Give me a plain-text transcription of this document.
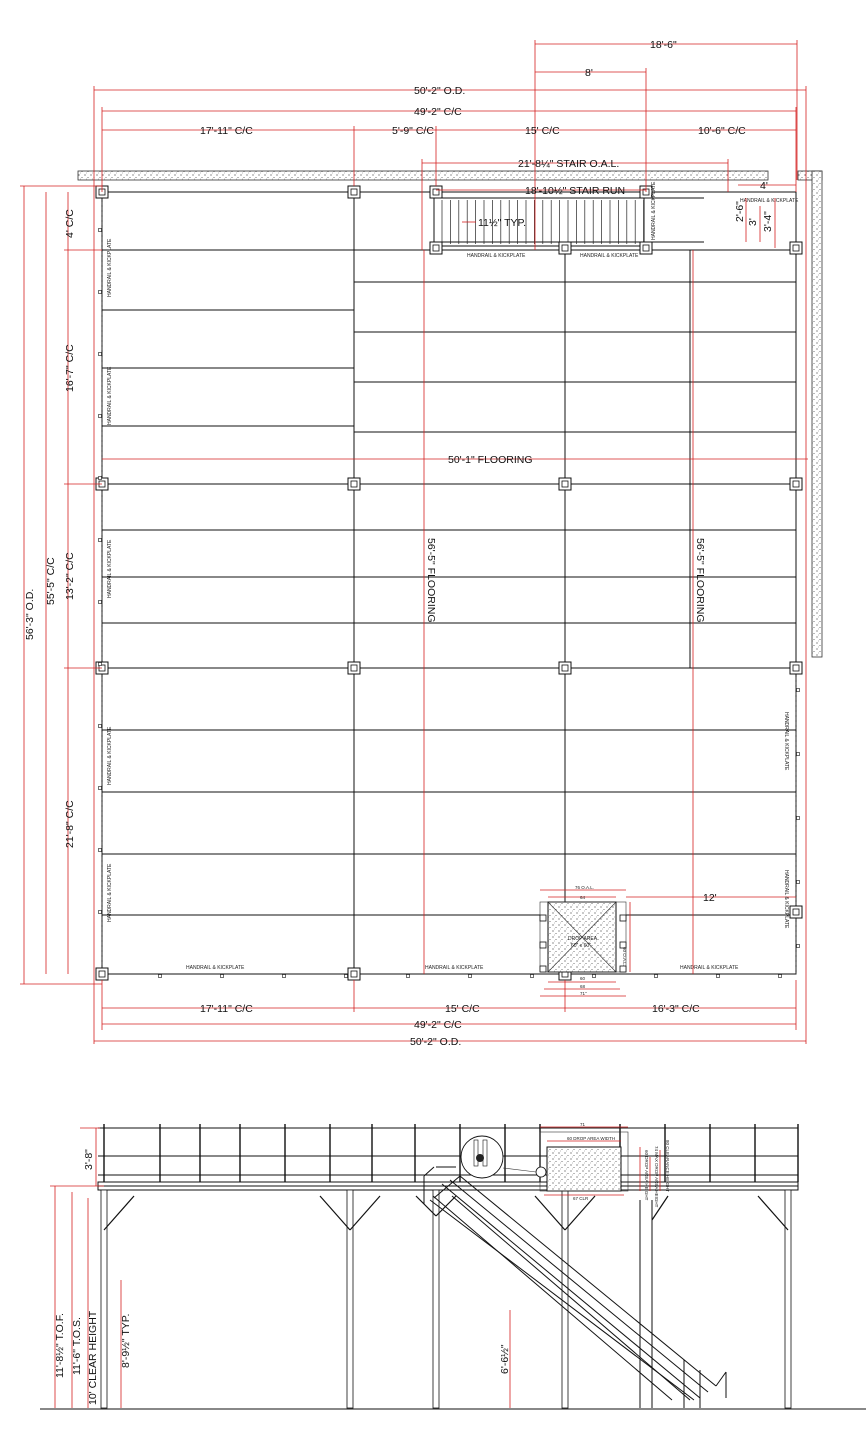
DROP AREA
60" x 60"
76 O.A.L.
64
60 O.A.L.
60
68
71"
12'
HANDRAIL & KICKPLATE
HANDRAIL & KICKPLATE
HANDRAIL & KICKPLATE
HANDRAIL & KICKPLATE
HANDRAIL & KICKPLATE
HANDRAIL & KICKPLATE
HANDRAIL & KICKPLATE
HANDRAIL & KICKPLATE
HANDRAIL & KICKPLATE	HANDRAIL & KICKPLATE	HANDRAIL & KICKPLATE
HANDRAIL & KICKPLATE	HANDRAIL & KICKPLATE
HANDRAIL & KICKPLATE
18'-6"
8'
50'-2" O.D.
49'-2" C/C
17'-11" C/C	5'-9" C/C	15' C/C	10'-6" C/C
21'-8¼" STAIR O.A.L.
18'-10½" STAIR RUN
11½" TYP.
4'
2'-6"
3' 3'-4"
56'-3" O.D.
55'-5" C/C
4' C/C
16'-7" C/C
13'-2" C/C
21'-8" C/C
50'-1" FLOORING
56'-5" FLOORING	56'-5" FLOORING
17'-11" C/C	15' C/C	16'-3" C/C
49'-2" C/C
50'-2" O.D.
71
60 DROP AREA WIDTH
67 CLR	60 DROP AREA HEIGHT 74 MAX DROP AREA HEIGHT 80 CLEARANCE HEIGHT
3'-8"
11'-8½" T.O.F. 11'-6" T.O.S. 10' CLEAR HEIGHT 8'-9½" TYP.	6'-6½"
